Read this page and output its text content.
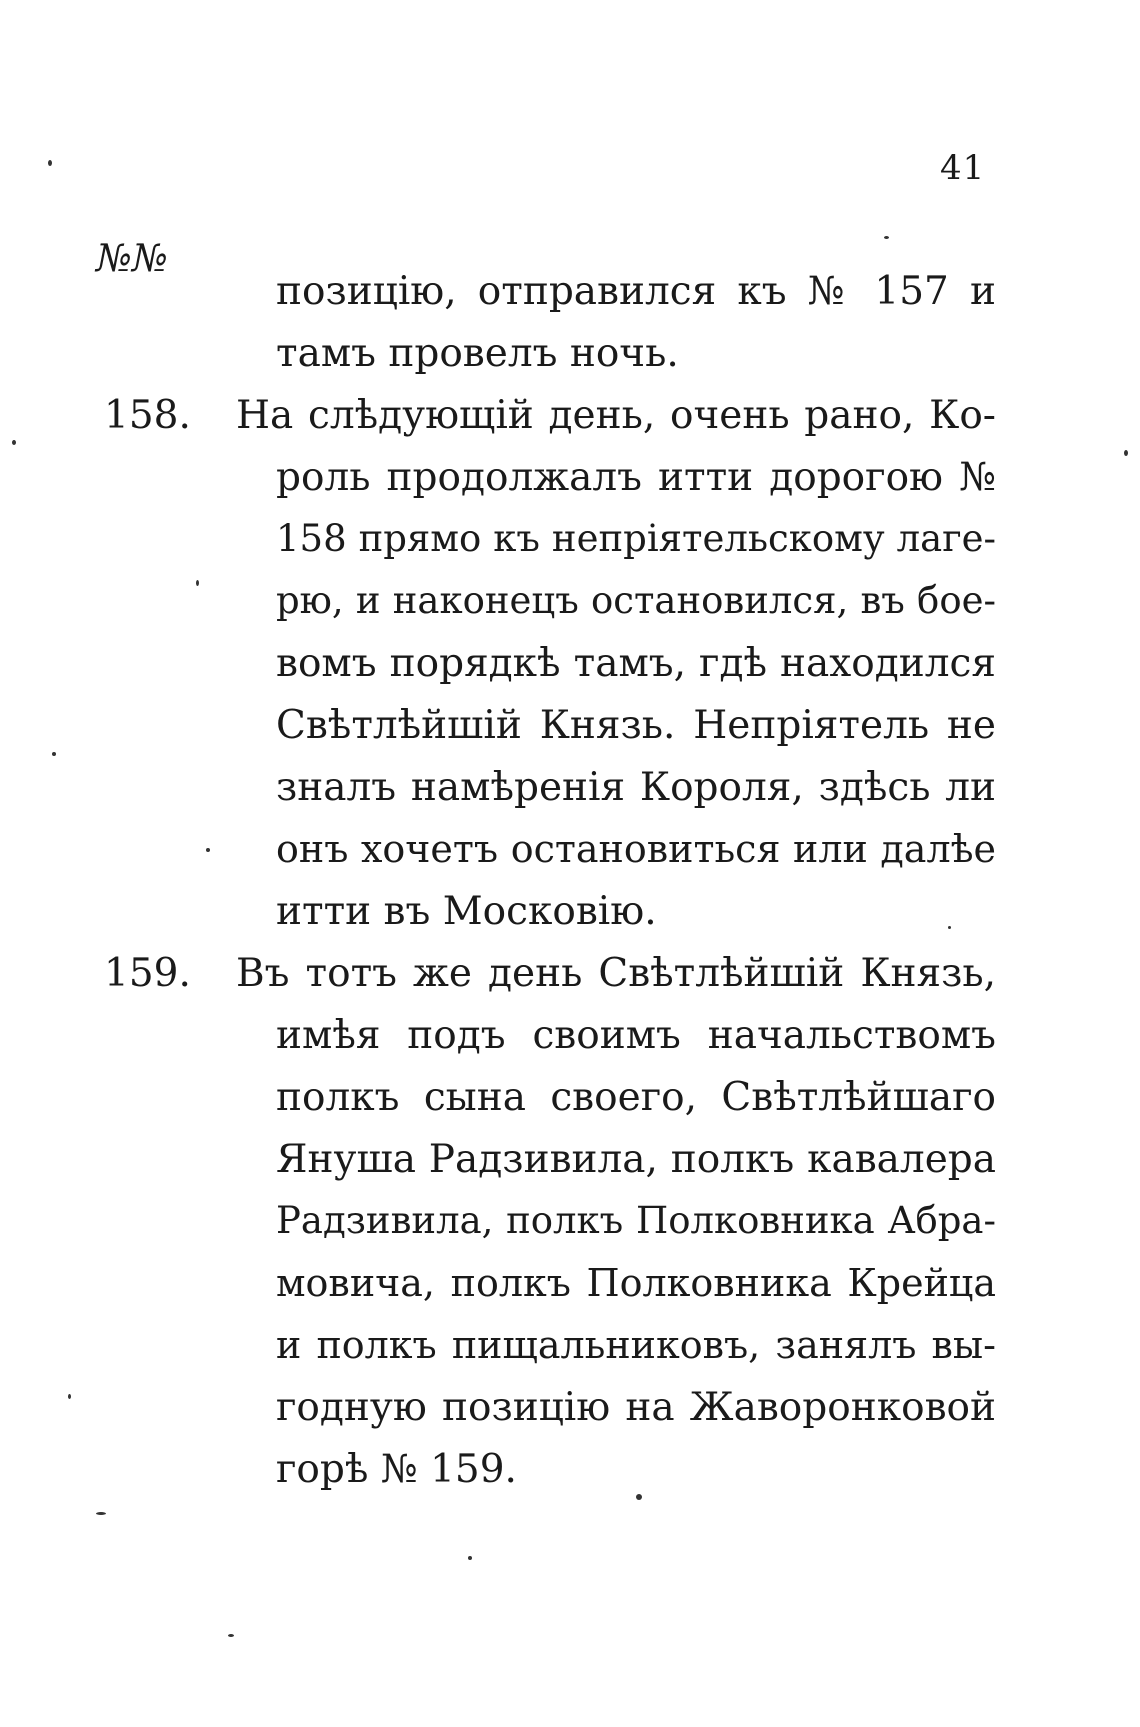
41
№№
позицію, отправился къ № 157 и
тамъ провелъ ночь.
158. На слѣдующій день, очень рано, Ко-
роль продолжалъ итти дорогою №
158 прямо къ непріятельскому лаге-
рю, и наконецъ остановился, въ бое-
вомъ порядкѣ тамъ, гдѣ находился
Свѣтлѣйшій Князь. Непріятель не
зналъ намѣренія Короля, здѣсь ли
онъ хочетъ остановиться или далѣе
итти въ Московію.
159. Въ тотъ же день Свѣтлѣйшій Князь,
имѣя подъ своимъ начальствомъ
полкъ сына своего, Свѣтлѣйшаго
Януша Радзивила, полкъ кавалера
Радзивила, полкъ Полковника Абра-
мовича, полкъ Полковника Крейца
и полкъ пищальниковъ, занялъ вы-
годную позицію на Жаворонковой
горѣ № 159.
